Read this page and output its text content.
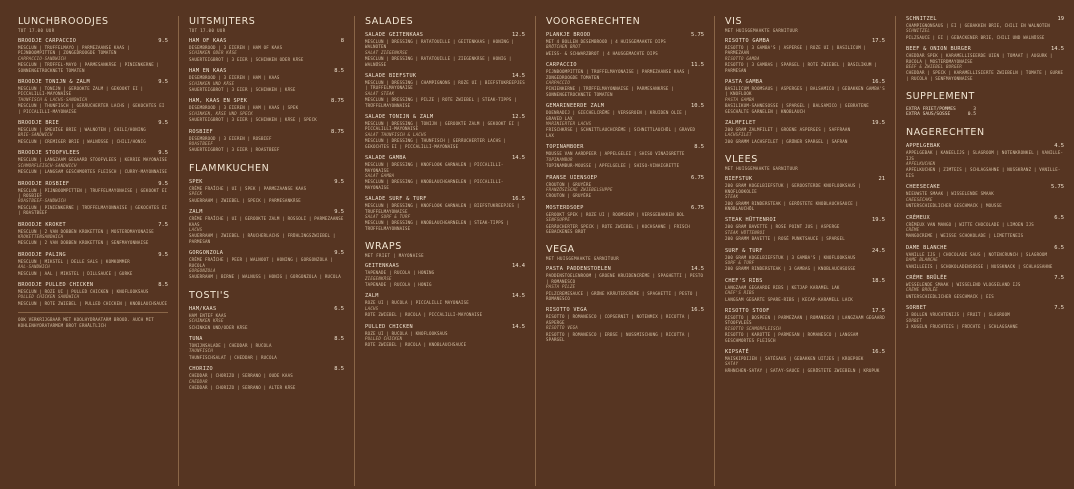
LUNCHBROODJES
TOT 17.00 UUR
BROODJE CARPACCIO	9.5
MESCLUN | TRUFFELMAYO | PARMEZAANSE KAAS | PIJNBOOMPITTEN | ZONGEDROOGDE TOMATEN
CARPACCIO-SANDWICH
MESCLUN | TRÜFFEL-MAYO | PARMESANKÄSE | PINIENKERNE | SONNENGETROCKNETE TOMATEN
BROODJE TONIJN & ZALM	9.5
MESCLUN | TONIJN | GEROOKTE ZALM | GEKOOKT EI | PICCALILLI-MAYONAISE
THUNFISCH & LACHS-SANDWICH
MESCLUN | THUNFISCH | GERÄUCHERTER LACHS | GEKOCHTES EI | PICCALILLI-MAYONAISE
BROODJE BRIE	9.5
MESCLUN | SMEUÏGE BRIE | WALNOTEN | CHILI/HONING
BRIE-SANDWICH
MESCLUN | CREMIGER BRIE | WALNÜSSE | CHILI/HONIG
BROODJE STOOFVLEES	9.5
MESCLUN | LANGZAAM GEGAARD STOOFVLEES | KERRIE MAYONAISE
SCHMORFLEISCH-SANDWICH
MESCLUN | LANGSAM GESCHMORTES FLEISCH | CURRY-MAYONNAISE
BROODJE ROSBIEF	9.5
MESCLUN | PIJNBOOMPITTEN | TRUFFELMAYONAISE | GEKOOKT EI | ROSBIEF
ROASTBEEF-SANDWICH
MESCLUN | PINIENKERNE | TRÜFFELMAYONNAISE | GEKOCHTES EI | ROASTBEEF
BROODJE KROKET	7.5
MESCLUN | 2 VAN DOBBEN KROKETTEN | MOSTERDMAYONAISE
KROKETTENSANDWICH
MESCLUN | 2 VAN DOBBEN KROKETTEN | SENFMAYONNAISE
BROODJE PALING	9.5
MESCLUN | MIKSTEL | DELLE SALS | KOMKOMMER
AAL-SANDWICH
MESCLUN | AAL | MIKSTEL | DILLSAUCE | GURKE
BROODJE PULLED CHICKEN	8.5
MESCLUN | ROZE UI | PULLED CHICKEN | KNOFLOOKSAUS
PULLED CHICKEN SANDWICH
MESCLUN | ROTE ZWIEBEL | PULLED CHICKEN | KNOBLAUCHSAUCE
OOK VERKRIJGBAAR MET KOOLHYDRAATARM BROOD. AUCH MIT KOHLENHYDRATARMEM BROT ERHÄLTLICH
UITSMIJTERS
TOT 17.00 UUR
HAM OF KAAS	8
DESEMBROOD | 3 EIEREN | HAM OF KAAS
SCHINKEN ODER KÄSE
SAUERTEIGBROT | 3 EIER | SCHINKEN ODER KÄSE
HAM EN KAAS	8.5
DESEMBROOD | 3 EIEREN | HAM | KAAS
SCHINKEN UND KÄSE
SAUERTEIGBROT | 3 EIER | SCHINKEN | KÄSE
HAM, KAAS EN SPEK	8.75
DESEMBROOD | 3 EIEREN | HAM | KAAS | SPEK
SCHINKEN, KÄSE UND SPECK
SAUERTEIGBROT | 3 EIER | SCHINKEN | KÄSE | SPECK
ROSBIEF	8.75
DESEMBROOD | 3 EIEREN | ROSBIEF
ROASTBEEF
SAUERTEIGBROT | 3 EIER | ROASTBEEF
FLAMMKUCHEN
SPEK	9.5
CRÈME FRAÎCHE | UI | SPEK | PARMEZAANSE KAAS
SPECK
SAUERRAHM | ZWIEBEL | SPECK | PARMESANKÄSE
ZALM	9.5
CRÈME FRAÎCHE | UI | GEROOKTE ZALM | ROSSOLI | PARMEZAANSE KAAS
LACHS
SAUERRAHM | ZWIEBEL | RÄUCHERLACHS | FRÜHLINGSZWIEBEL | PARMESAN
GORGONZOLA	9.5
CRÈME FRAÎCHE | PEER | WALNOOT | HONING | GORGONZOLA | RUCOLA
GORGONZOLA
SAUERRAHM | BIRNE | WALNUSS | HONIG | GORGONZOLA | RUCOLA
TOSTI'S
HAM/KAAS	6.5
HAM ENTEF KAAS
SCHINKEN KÄSE
SCHINKEN UND/ODER KÄSE
TUNA	8.5
TONIJNSALADE | CHEDDAR | RUCOLA
THUNFISCH
THUNFISCHSALAT | CHEDDAR | RUCOLA
CHORIZO	8.5
CHEDDAR | CHORIZO | SERRANO | OUDE KAAS
CHEDDAR
CHEDDAR | CHORIZO | SERRANO | ALTER KÄSE
SALADES
SALADE GEITENKAAS	12.5
MESCLUN | DRESSING | RATATOUILLE | GEITENKAAS | HONING | WALNOTEN
SALAT ZIEGENKÄSE
MESCLUN | DRESSING | RATATOUILLE | ZIEGENKÄSE | HONIG | WALNÜSSE
SALADE BIEFSTUK	14.5
MESCLUN | DRESSING | CHAMPIGNONS | ROZE UI | BIEFSTUKREEPJES | TRUFFELMAYONAISE
SALAT STEAK
MESCLUN | DRESSING | PILZE | ROTE ZWIEBEL | STEAK-TIPPS | TRÜFFELMAYONNAISE
SALADE TONIJN & ZALM	12.5
MESCLUN | DRESSING | TONIJN | GEROOKTE ZALM | GEKOOKT EI | PICCALILLI-MAYONAISE
SALAT THUNFISCH & LACHS
MESCLUN | DRESSING | THUNFISCH | GERÄUCHERTER LACHS | GEKOCHTES EI | PICCALILLI-MAYONAISE
SALADE GAMBA	14.5
MESCLUN | DRESSING | KNOFLOOK GARNALEN | PICCALILLI-MAYONAISE
SALAT GAMBA
MESCLUN | DRESSING | KNOBLAUCHGARNELEN | PICCALILLI-MAYONAISE
SALADE SURF & TURF	16.5
MESCLUN | DRESSING | KNOFLOOK GARNALEN | BIEFSTUKREEPJES | TRUFFELMAYONAISE
SALAT SURF & TURF
MESCLUN | DRESSING | KNOBLAUCHGARNELEN | STEAK-TIPPS | TRÜFFELMAYONNAISE
WRAPS
MET FRIET | MAYONAISE
GEITENKAAS	14.4
TAPENADE | RUCOLA | HONING
ZIEGENKÄSE
TAPENADE | RUCOLA | HONIG
ZALM	14.5
ROZE UI | RUCOLA | PICCALILLI MAYONAISE
LACHS
ROTE ZWIEBEL | RUCOLA | PICCALILLI-MAYONAISE
PULLED CHICKEN	14.5
ROZE UI | RUCOLA | KNOFLOOKSAUS
PULLED CHICKEN
ROTE ZWIEBEL | RUCOLA | KNOBLAUCHSAUCE
VOORGERECHTEN
PLANKJE BROOD	5.75
MET 4 BOLLEN DESEMBROOD | 4 HUISGEMAAKTE DIPS
BRÖTCHEN BROT
WEISS- & SCHWARZBROT | 4 HAUSGEMACHTE DIPS
CARPACCIO	11.5
PIJNBOOMPITTEN | TRUFFELMAYONAISE | PARMEZAANSE KAAS | ZONGEDROOGDE TOMATEN
CARPACCIO
PINIENKERNE | TRÜFFELMAYONNAISE | PARMESANKÄSE | SONNENGETROCKNETE TOMATEN
GEMARINEERDE ZALM	10.5
DOENRADIJ | GIECHELCRÈME | VERSGROEN | KRUIDEN OLIE | GRAVED LAX
MARINIERTER LACHS
FRISCHKÄSE | SCHNITTLAUCHCRÈME | SCHNITTLAUCHÖL | GRAVED LAX
TOPINAMBOER	8.5
MOUSSE VAN AARDPEER | APPELGELEI | SHISO VINAIGRETTE
TOPINAMBUR
TOPINAMBUR-MOUSSE | APFELGELEE | SHISO-VINAIGRETTE
FRANSE UIENSOEP	6.75
CROUTON | GRUYÈRE
FRANZÖSISCHE ZWIEBELSUPPE
CROUTON | GRUYÈRE
MOSTERDSOEP	6.75
GEROOKT SPEK | ROZE UI | ROOMSOEM | VERSGEBAKKEN BOL
SENFSUPPE
GERÄUCHERTER SPECK | ROTE ZWIEBEL | KOCHSAHNE | FRISCH GEBACKENES BROT
VEGA
MET HUISGEMAAKTE GARNITUUR
PASTA PADDENSTOELEN	14.5
PADDENSTOELENROOM | GROENE KRUIDENCRÈME | SPAGHETTI | PESTO | ROMANESCO
PASTA PILZE
PILZCREMESAUCE | GRÜNE KRÄUTERCRÈME | SPAGHETTI | PESTO | ROMANESCO
RISOTTO VEGA	16.5
RISOTTO | ROMANESCO | COPSERNIT | NOTENMIX | RICOTTA | ASPERGE
RISOTTO VEGA
RISOTTO | ROMANESCO | ERBSE | NUSSMISCHUNG | RICOTTA | SPARGEL
VIS
MET HUISGEMAAKTE GARNITUUR
RISOTTO GAMBA	17.5
RISOTTO | 3 GAMBA'S | ASPERGE | ROZE UI | BASILICUM | PARMEZAAN
RISOTTO GAMBA
RISOTTO | 3 GAMBAS | SPARGEL | ROTE ZWIEBEL | BASILIKUM | PARMESAN
PASTA GAMBA	16.5
BASILICUM ROOMSAUS | ASPERGES | BALSAMICO | GEBAKKEN GAMBA'S | KNOFLOOK
PASTA GAMBA
BASILIKUM-SAHNESOSSE | SPARGEL | BALSAMICO | GEBRATENE GESCHÄLTE GARNELEN | KNOBLAUCH
ZALMFILET	19.5
200 GRAM ZALMFILET | GROENE ASPERGES | SAFFRAAN
LACHSFILET
200 GRAMM LACHSFILET | GRÜNER SPARGEL | SAFRAN
VLEES
MET HUISGEMAAKTE GARNITUUR
BIEFSTUK	21
200 GRAM KOGELBIEFSTUK | GEROOSTERDE KNOFLOOKSAUS | KNOFLOOKOLIE
STEAK
200 GRAMM RINDERSTEAK | GERÖSTETE KNOBLAUCHSAUCE | KNOBLAUCHÖL
STEAK HÜTTENROI	19.5
200 GRAM BAVETTE | ROSE POINT JUS | ASPERGE
STEAK HÜTTENROI
200 GRAMM BAVETTE | ROSÉ PUNKTSAUCE | SPARGEL
SURF & TURF	24.5
200 GRAM KOGELBIEFSTUK | 3 GAMBA'S | KNOFLOOKSAUS
SURF & TURF
200 GRAMM RINDERSTEAK | 3 GAMBAS | KNOBLAUCHSOSSE
CHEF'S RIBS	18.5
LANGZAAM GEGAARDE RIBS | KETJAP KARAMEL LAK
CHEF'S RIBS
LANGSAM GEGARTE SPARE-RIBS | KECAP-KARAMELL LACK
RISOTTO STOOF	17.5
RISOTTO | BOSPEEN | PARMEZAAN | ROMANESCO | LANGZAAM GEGAARD STOOFVLEES
RISOTTO SCHMORFLEISCH
RISOTTO | KAROTTE | PARMESAN | ROMANESCO | LANGSAM GESCHMORTES FLEISCH
KIPSATÉ	16.5
MAISKIPDIJEN | SATÉSAUS | GEBAKKEN UITJES | KROEPOEK
SATAY
HÄHNCHEN-SATAY | SATAY-SAUCE | GERÖSTETE ZWIEBELN | KRUPUK
SCHNITZEL	19
CHAMPIGNONSAUS | EI | GEBAKKEN BRIE, CHILI EN WALNOTEN
SCHNITZEL
PILZSAUCE | EI | GEBACKENER BRIE, CHILI UND WALNÜSSE
BEEF & ONION BURGER	14.5
CHEDDAR SPEK | KARAMELLISEERDE UIEN | TOMAAT | AUGURK | RUCOLA | MOSTERDMAYONAISE
BEEF & ZWIEBEL BURGER
CHEDDAR | SPECK | KARAMELLISIERTE ZWIEBELN | TOMATE | GURKE | RUCOLA | SENFMAYONNAISE
SUPPLEMENT
EXTRA FRIET/POMMES	3
EXTRA SAUS/SOSSE	0.5
NAGERECHTEN
APPELGEBAK	4.5
APPELGEBAK | KANEELIJS | SLAGROOM | NOTENKRONKEL | VANILLE-IJS
APFELKUCHEN
APFELKUCHEN | ZIMTEIS | SCHLAGSAHNE | NUSSKRANZ | VANILLE-EIS
CHEESECAKE	5.75
NIEUWSTE SMAAK | WISSELENDE SMAAK
CHEESECAKE
UNTERSCHIEDLICHER GESCHMACK | MOUSSE
CRÈMEUX	6.5
CRÈMEUX VAN MANGO | WITTE CHOCOLADE | LIMOEN IJS
CRÈME
MANGOCREME | WEISSE SCHOKOLADE | LIMETTENEIS
DAME BLANCHE	6.5
VANILLE IJS | CHOCOLADE SAUS | NOTENCRUNCH | SLAGROOM
DAME BLANCHE
VANILLEEIS | SCHOKOLADENSOSSE | NUSSKNACK | SCHLAGSAHNE
CRÈME BRÛLÉE	7.5
WISSELENDE SMAAK | WISSELEND VLOGSELAND IJS
CRÈME BRÛLÉE
UNTERSCHIEDLICHER GESCHMACK | EIS
SORBET	7.5
3 BOLLEN VRUCHTENIJS | FRUIT | SLAGROOM
SORBET
3 KUGELN FRUCHTEIS | FRÜCHTE | SCHLAGSAHNE
